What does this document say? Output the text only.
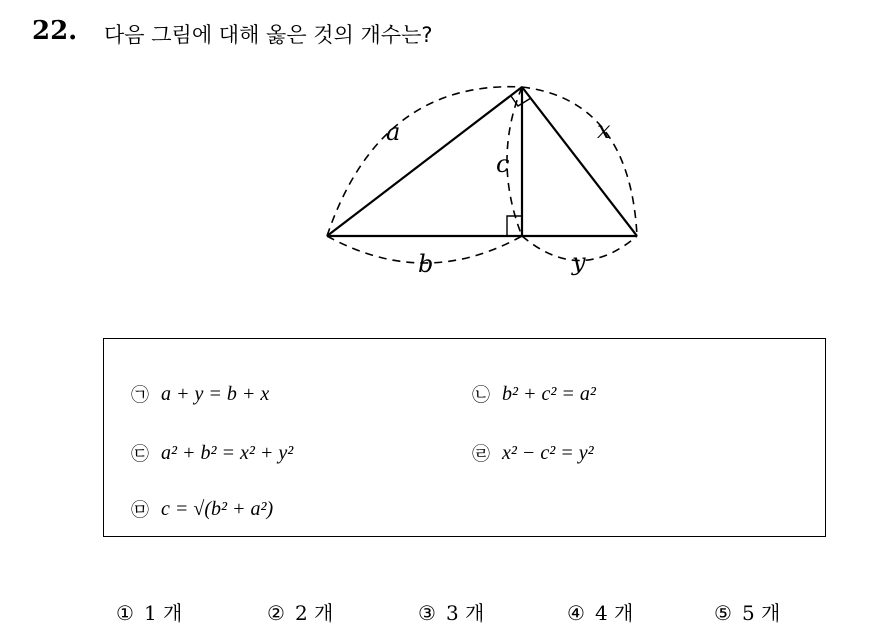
22. 다음 그림에 대해 옳은 것의 개수는?
a
c
x
b	y
㉠ a + y = b + x	㉡ b² + c² = a²
㉢ a² + b² = x² + y²	㉣ x² − c² = y²
㉤ c = √(b² + a²)
① 1 개	② 2 개	③ 3 개	④ 4 개	⑤ 5 개
